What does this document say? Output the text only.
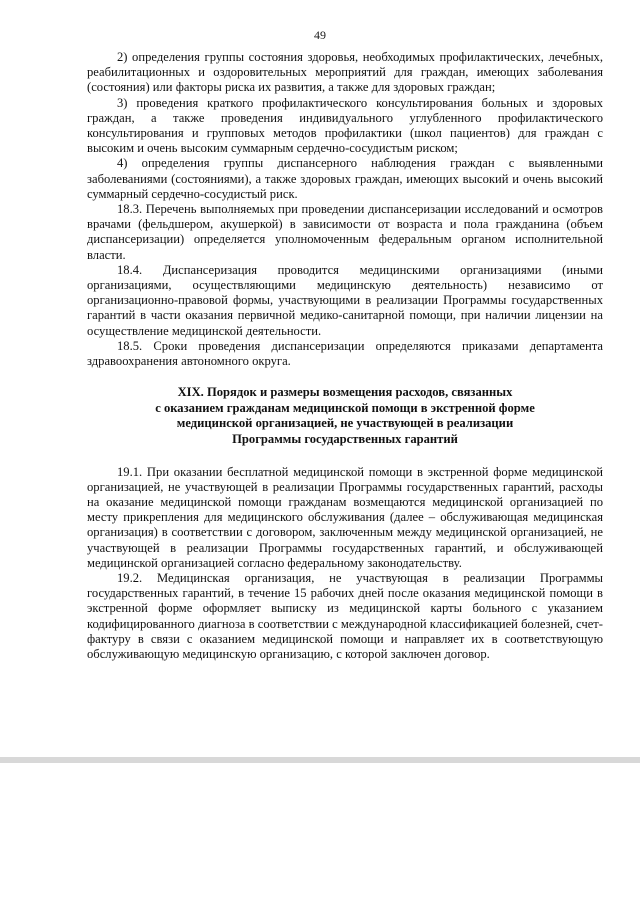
49

2) определения группы состояния здоровья, необходимых профилактических, лечебных, реабилитационных и оздоровительных мероприятий для граждан, имеющих заболевания (состояния) или факторы риска их развития, а также для здоровых граждан;

3) проведения краткого профилактического консультирования больных и здоровых граждан, а также проведения индивидуального углубленного профилактического консультирования и групповых методов профилактики (школ пациентов) для граждан с высоким и очень высоким суммарным сердечно-сосудистым риском;

4) определения группы диспансерного наблюдения граждан с выявленными заболеваниями (состояниями), а также здоровых граждан, имеющих высокий и очень высокий суммарный сердечно-сосудистый риск.

18.3. Перечень выполняемых при проведении диспансеризации исследований и осмотров врачами (фельдшером, акушеркой) в зависимости от возраста и пола гражданина (объем диспансеризации) определяется уполномоченным федеральным органом исполнительной власти.

18.4. Диспансеризация проводится медицинскими организациями (иными организациями, осуществляющими медицинскую деятельность) независимо от организационно-правовой формы, участвующими в реализации Программы государственных гарантий в части оказания первичной медико-санитарной помощи, при наличии лицензии на осуществление медицинской деятельности.

18.5. Сроки проведения диспансеризации определяются приказами департамента здравоохранения автономного округа.

XIX. Порядок и размеры возмещения расходов, связанных
с оказанием гражданам медицинской помощи в экстренной форме
медицинской организацией, не участвующей в реализации
Программы государственных гарантий

19.1. При оказании бесплатной медицинской помощи в экстренной форме медицинской организацией, не участвующей в реализации Программы государственных гарантий, расходы на оказание медицинской помощи гражданам возмещаются медицинской организацией по месту прикрепления для медицинского обслуживания (далее – обслуживающая медицинская организация) в соответствии с договором, заключенным между медицинской организацией, не участвующей в реализации Программы государственных гарантий, и обслуживающей медицинской организацией согласно федеральному законодательству.

19.2. Медицинская организация, не участвующая в реализации Программы государственных гарантий, в течение 15 рабочих дней после оказания медицинской помощи в экстренной форме оформляет выписку из медицинской карты больного с указанием кодифицированного диагноза в соответствии с международной классификацией болезней, счет-фактуру в связи с оказанием медицинской помощи и направляет их в соответствующую обслуживающую медицинскую организацию, с которой заключен договор.
